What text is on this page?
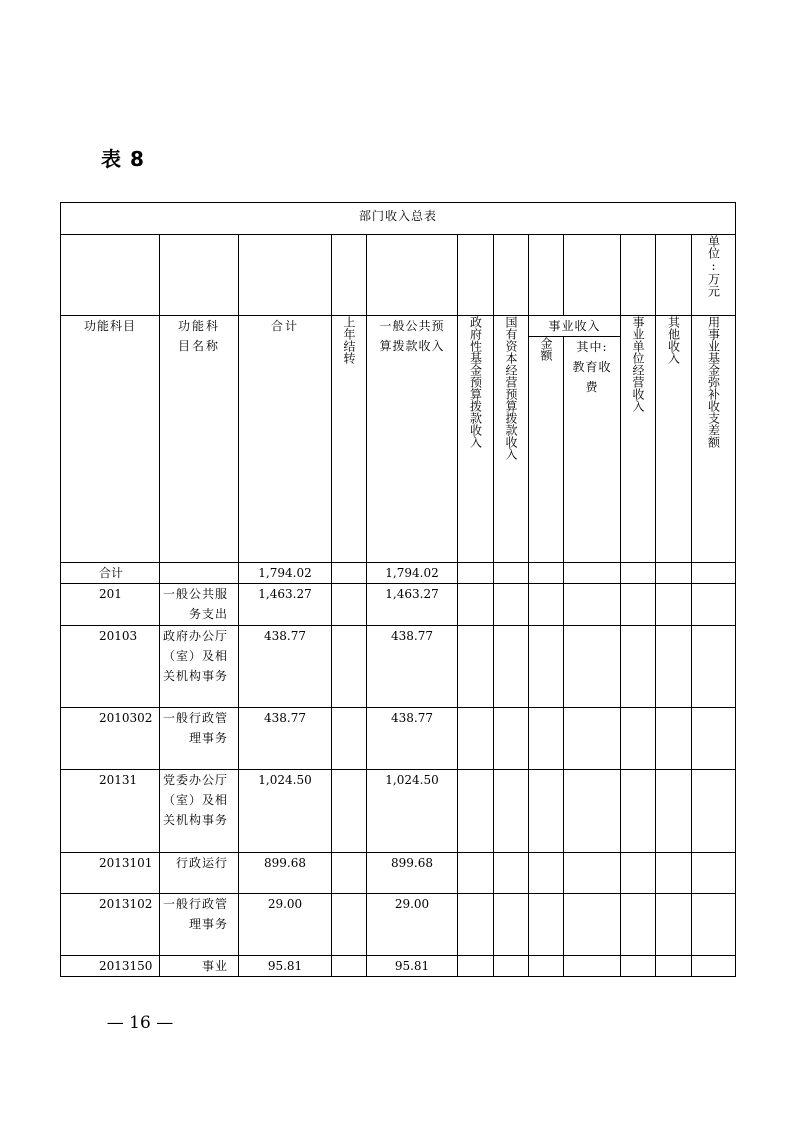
表 8
部门收入总表											

											单位:万元

功能科目	功能科目名称	合计	上年结转	一般公共预算拨款收入	政府性基金预算拨款收入	国有资本经营预算拨款收入	事业收入		事业单位经营收入	其他收入	用事业基金弥补收支差额

							金额	其中:教育收费			
合计		1,794.02		1,794.02							
201	一般公共服务支出	1,463.27		1,463.27							
20103	政府办公厅（室）及相关机构事务	438.77		438.77							
2010302	一般行政管理事务	438.77		438.77							
20131	党委办公厅（室）及相关机构事务	1,024.50		1,024.50							
2013101	行政运行	899.68		899.68							
2013102	一般行政管理事务	29.00		29.00							
2013150	事业	95.81		95.81							
— 16 —
